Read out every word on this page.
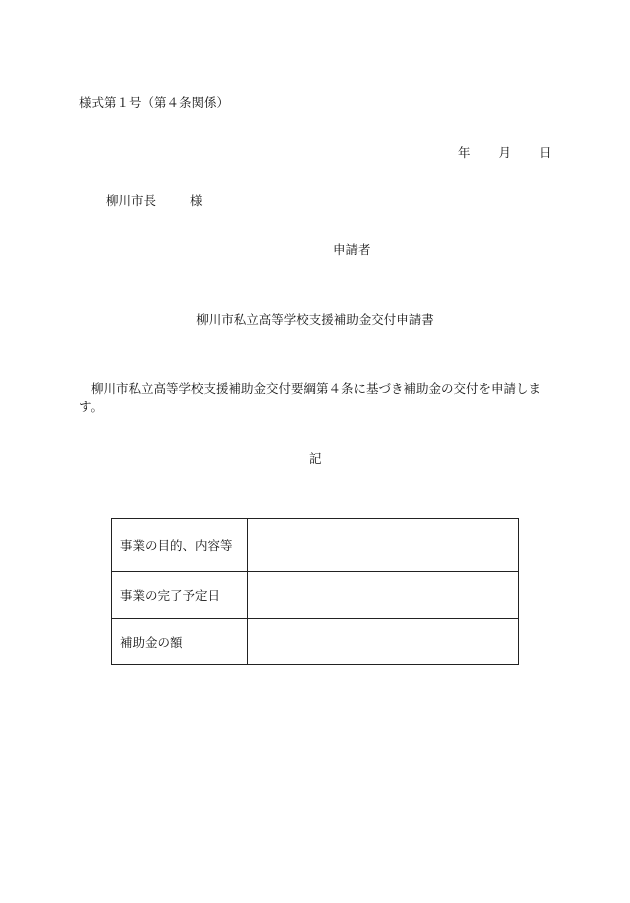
様式第１号（第４条関係）
年 月 日
柳川市長	様
申請者
柳川市私立高等学校支援補助金交付申請書
柳川市私立高等学校支援補助金交付要綱第４条に基づき補助金の交付を申請します。
記
事業の目的、内容等	
事業の完了予定日	
補助金の額	
